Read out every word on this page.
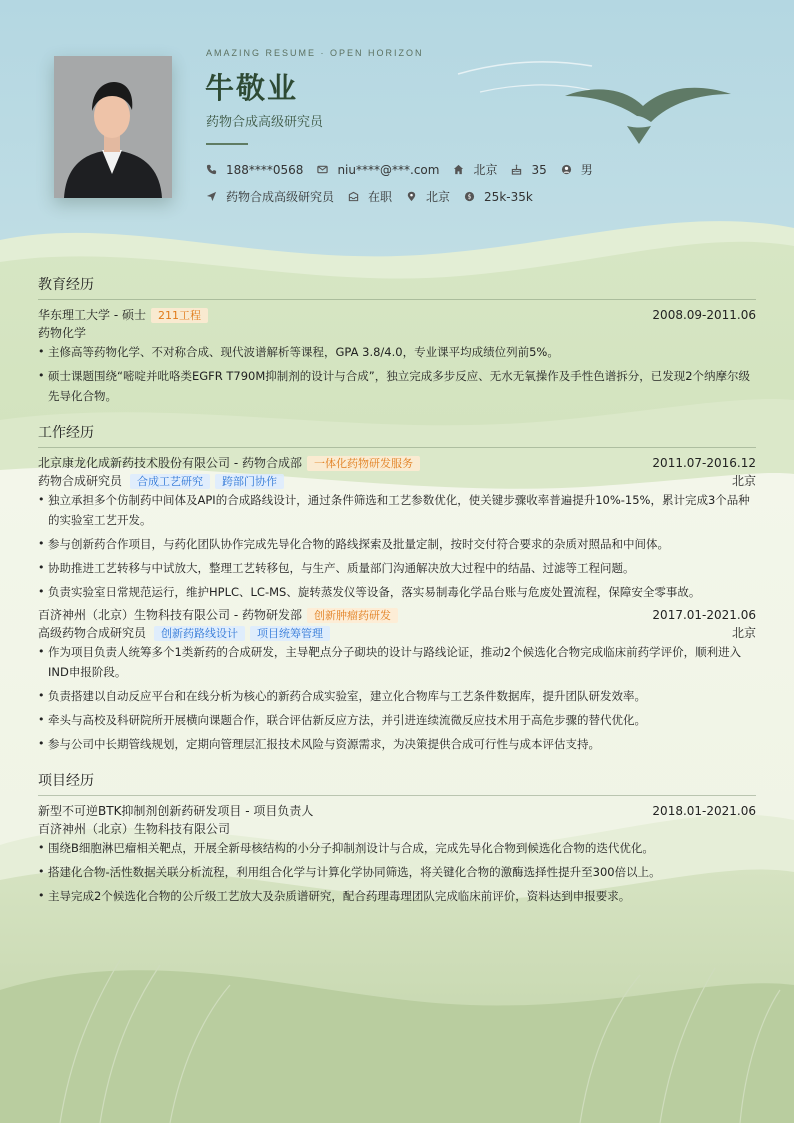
AMAZING RESUME · OPEN HORIZON
牛敬业
药物合成高级研究员
188****0568	niu****@***.com	北京	35	男
药物合成高级研究员	在职	北京 $ 25k-35k
教育经历
华东理工大学 - 硕士	211工程	2008.09-2011.06
药物化学
• 主修高等药物化学、不对称合成、现代波谱解析等课程，GPA 3.8/4.0，专业课平均成绩位列前5%。
• 硕士课题围绕“嘧啶并吡咯类EGFR T790M抑制剂的设计与合成”，独立完成多步反应、无水无氧操作及手性色谱拆分，已发现2个纳摩尔级先导化合物。
工作经历
北京康龙化成新药技术股份有限公司 - 药物合成部	一体化药物研发服务	2011.07-2016.12
药物合成研究员	合成工艺研究	跨部门协作	北京
• 独立承担多个仿制药中间体及API的合成路线设计，通过条件筛选和工艺参数优化，使关键步骤收率普遍提升10%-15%，累计完成3个品种的实验室工艺开发。
• 参与创新药合作项目，与药化团队协作完成先导化合物的路线探索及批量定制，按时交付符合要求的杂质对照品和中间体。
• 协助推进工艺转移与中试放大，整理工艺转移包，与生产、质量部门沟通解决放大过程中的结晶、过滤等工程问题。
• 负责实验室日常规范运行，维护HPLC、LC-MS、旋转蒸发仪等设备，落实易制毒化学品台账与危废处置流程，保障安全零事故。
百济神州（北京）生物科技有限公司 - 药物研发部	创新肿瘤药研发	2017.01-2021.06
高级药物合成研究员	创新药路线设计	项目统筹管理	北京
• 作为项目负责人统筹多个1类新药的合成研发，主导靶点分子砌块的设计与路线论证，推动2个候选化合物完成临床前药学评价，顺利进入IND申报阶段。
• 负责搭建以自动反应平台和在线分析为核心的新药合成实验室，建立化合物库与工艺条件数据库，提升团队研发效率。
• 牵头与高校及科研院所开展横向课题合作，联合评估新反应方法，并引进连续流微反应技术用于高危步骤的替代优化。
• 参与公司中长期管线规划，定期向管理层汇报技术风险与资源需求，为决策提供合成可行性与成本评估支持。
项目经历
新型不可逆BTK抑制剂创新药研发项目 - 项目负责人	2018.01-2021.06
百济神州（北京）生物科技有限公司
• 围绕B细胞淋巴瘤相关靶点，开展全新母核结构的小分子抑制剂设计与合成，完成先导化合物到候选化合物的迭代优化。
• 搭建化合物-活性数据关联分析流程，利用组合化学与计算化学协同筛选，将关键化合物的激酶选择性提升至300倍以上。
• 主导完成2个候选化合物的公斤级工艺放大及杂质谱研究，配合药理毒理团队完成临床前评价，资料达到申报要求。
